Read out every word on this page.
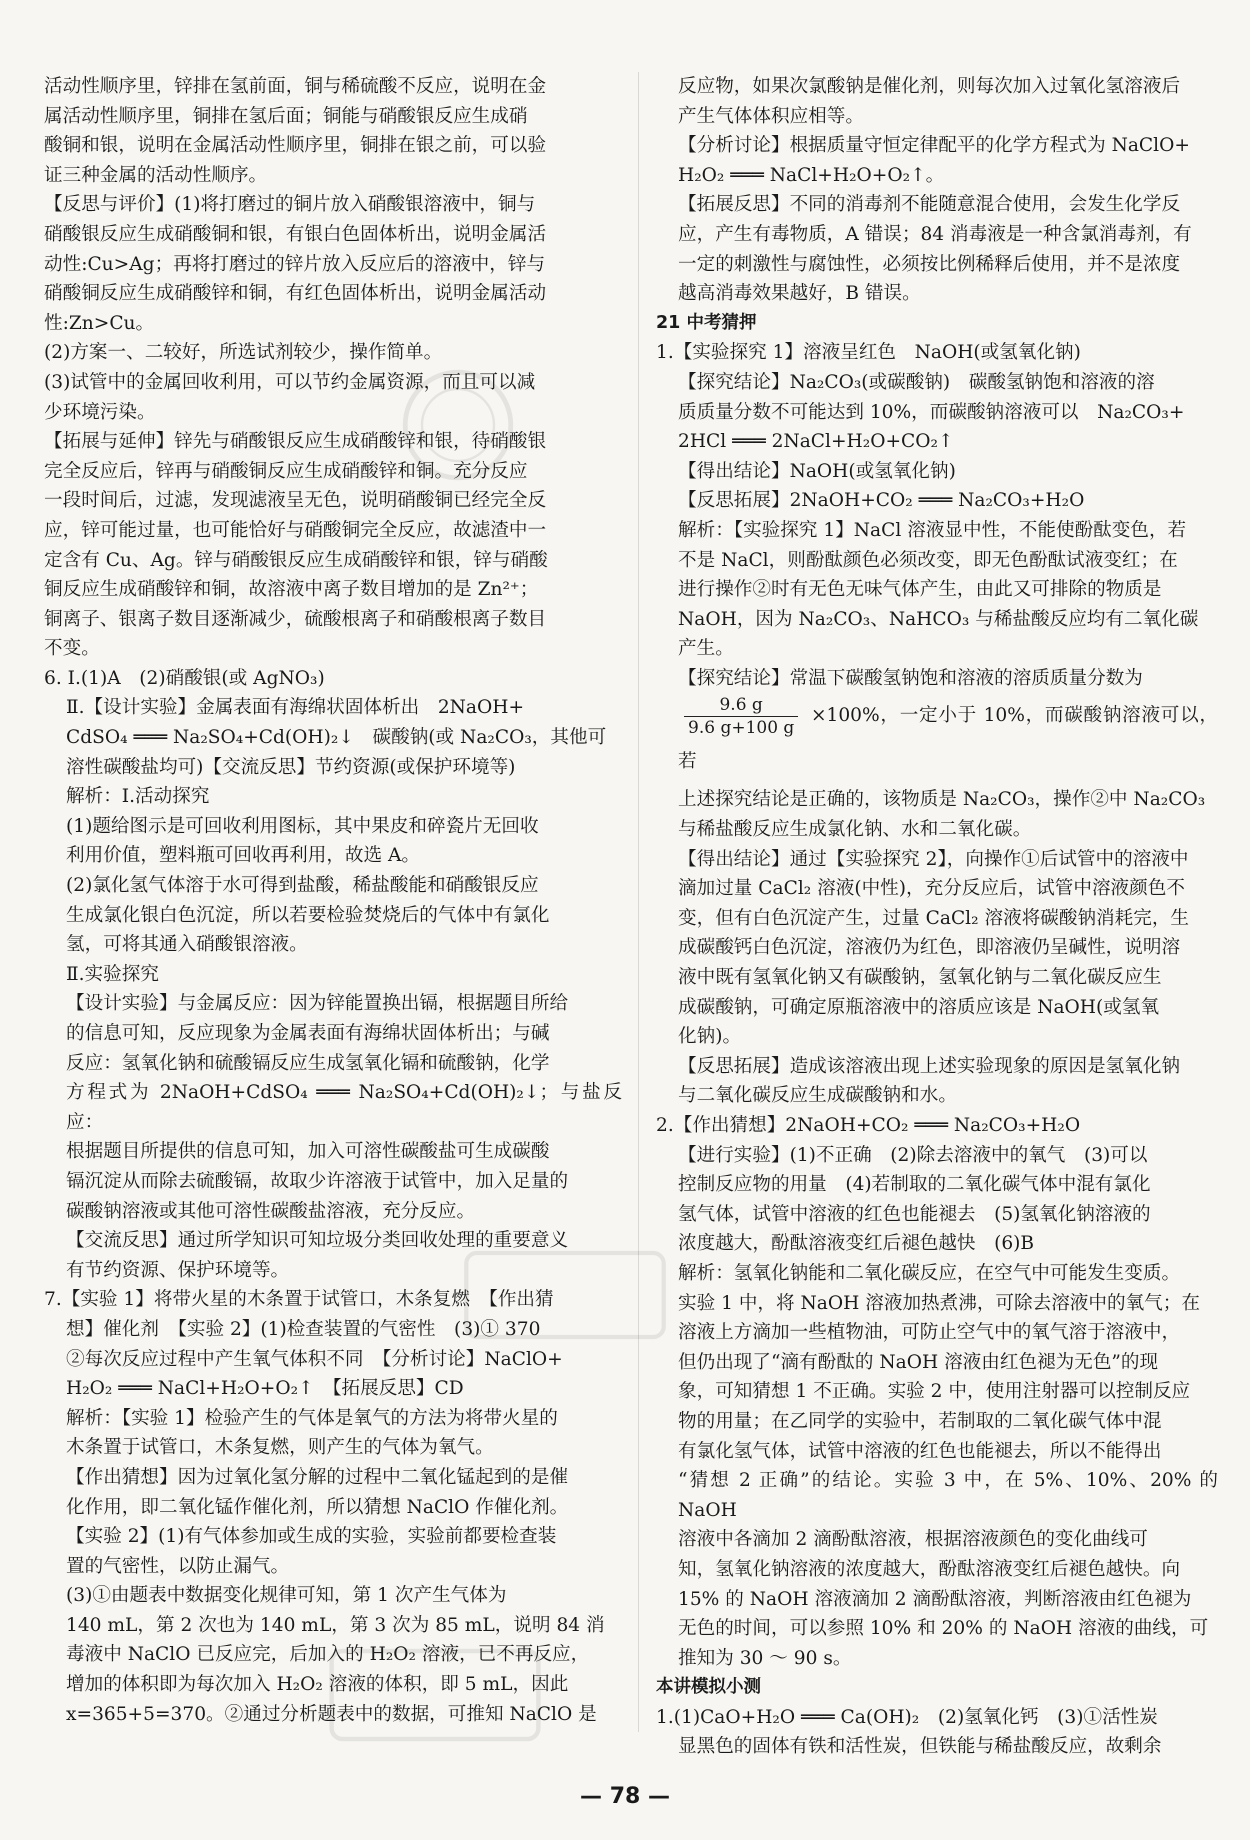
活动性顺序里，锌排在氢前面，铜与稀硫酸不反应，说明在金
属活动性顺序里，铜排在氢后面；铜能与硝酸银反应生成硝
酸铜和银，说明在金属活动性顺序里，铜排在银之前，可以验
证三种金属的活动性顺序。
【反思与评价】(1)将打磨过的铜片放入硝酸银溶液中，铜与
硝酸银反应生成硝酸铜和银，有银白色固体析出，说明金属活
动性:Cu>Ag；再将打磨过的锌片放入反应后的溶液中，锌与
硝酸铜反应生成硝酸锌和铜，有红色固体析出，说明金属活动
性:Zn>Cu。
(2)方案一、二较好，所选试剂较少，操作简单。
(3)试管中的金属回收利用，可以节约金属资源，而且可以减
少环境污染。
【拓展与延伸】锌先与硝酸银反应生成硝酸锌和银，待硝酸银
完全反应后，锌再与硝酸铜反应生成硝酸锌和铜。充分反应
一段时间后，过滤，发现滤液呈无色，说明硝酸铜已经完全反
应，锌可能过量，也可能恰好与硝酸铜完全反应，故滤渣中一
定含有 Cu、Ag。锌与硝酸银反应生成硝酸锌和银，锌与硝酸
铜反应生成硝酸锌和铜，故溶液中离子数目增加的是 Zn²⁺；
铜离子、银离子数目逐渐减少，硫酸根离子和硝酸根离子数目
不变。
6. Ⅰ.(1)A　(2)硝酸银(或 AgNO₃)
Ⅱ.【设计实验】金属表面有海绵状固体析出　2NaOH+
CdSO₄ ═══ Na₂SO₄+Cd(OH)₂↓　碳酸钠(或 Na₂CO₃，其他可
溶性碳酸盐均可)【交流反思】节约资源(或保护环境等)
解析：Ⅰ.活动探究
(1)题给图示是可回收利用图标，其中果皮和碎瓷片无回收
利用价值，塑料瓶可回收再利用，故选 A。
(2)氯化氢气体溶于水可得到盐酸，稀盐酸能和硝酸银反应
生成氯化银白色沉淀，所以若要检验焚烧后的气体中有氯化
氢，可将其通入硝酸银溶液。
Ⅱ.实验探究
【设计实验】与金属反应：因为锌能置换出镉，根据题目所给
的信息可知，反应现象为金属表面有海绵状固体析出；与碱
反应：氢氧化钠和硫酸镉反应生成氢氧化镉和硫酸钠，化学
方程式为 2NaOH+CdSO₄ ═══ Na₂SO₄+Cd(OH)₂↓；与盐反应：
根据题目所提供的信息可知，加入可溶性碳酸盐可生成碳酸
镉沉淀从而除去硫酸镉，故取少许溶液于试管中，加入足量的
碳酸钠溶液或其他可溶性碳酸盐溶液，充分反应。
【交流反思】通过所学知识可知垃圾分类回收处理的重要意义
有节约资源、保护环境等。
7.【实验 1】将带火星的木条置于试管口，木条复燃　【作出猜
想】催化剂　【实验 2】(1)检查装置的气密性　(3)① 370
②每次反应过程中产生氧气体积不同　【分析讨论】NaClO+
H₂O₂ ═══ NaCl+H₂O+O₂↑　【拓展反思】CD
解析：【实验 1】检验产生的气体是氧气的方法为将带火星的
木条置于试管口，木条复燃，则产生的气体为氧气。
【作出猜想】因为过氧化氢分解的过程中二氧化锰起到的是催
化作用，即二氧化锰作催化剂，所以猜想 NaClO 作催化剂。
【实验 2】(1)有气体参加或生成的实验，实验前都要检查装
置的气密性，以防止漏气。
(3)①由题表中数据变化规律可知，第 1 次产生气体为
140 mL，第 2 次也为 140 mL，第 3 次为 85 mL，说明 84 消
毒液中 NaClO 已反应完，后加入的 H₂O₂ 溶液，已不再反应，
增加的体积即为每次加入 H₂O₂ 溶液的体积，即 5 mL，因此
x=365+5=370。②通过分析题表中的数据，可推知 NaClO 是
反应物，如果次氯酸钠是催化剂，则每次加入过氧化氢溶液后
产生气体体积应相等。
【分析讨论】根据质量守恒定律配平的化学方程式为 NaClO+
H₂O₂ ═══ NaCl+H₂O+O₂↑。
【拓展反思】不同的消毒剂不能随意混合使用，会发生化学反
应，产生有毒物质，A 错误；84 消毒液是一种含氯消毒剂，有
一定的刺激性与腐蚀性，必须按比例稀释后使用，并不是浓度
越高消毒效果越好，B 错误。
21 中考猜押
1.【实验探究 1】溶液呈红色　NaOH(或氢氧化钠)
【探究结论】Na₂CO₃(或碳酸钠)　碳酸氢钠饱和溶液的溶
质质量分数不可能达到 10%，而碳酸钠溶液可以　Na₂CO₃+
2HCl ═══ 2NaCl+H₂O+CO₂↑
【得出结论】NaOH(或氢氧化钠)
【反思拓展】2NaOH+CO₂ ═══ Na₂CO₃+H₂O
解析：【实验探究 1】NaCl 溶液显中性，不能使酚酞变色，若
不是 NaCl，则酚酞颜色必须改变，即无色酚酞试液变红；在
进行操作②时有无色无味气体产生，由此又可排除的物质是
NaOH，因为 Na₂CO₃、NaHCO₃ 与稀盐酸反应均有二氧化碳
产生。
【探究结论】常温下碳酸氢钠饱和溶液的溶质质量分数为
$\frac{9.6 g}{9.6 g+100 g} \times 100\%$，一定小于 10%，而碳酸钠溶液可以，若
上述探究结论是正确的，该物质是 Na₂CO₃，操作②中 Na₂CO₃
与稀盐酸反应生成氯化钠、水和二氧化碳。
【得出结论】通过【实验探究 2】，向操作①后试管中的溶液中
滴加过量 CaCl₂ 溶液(中性)，充分反应后，试管中溶液颜色不
变，但有白色沉淀产生，过量 CaCl₂ 溶液将碳酸钠消耗完，生
成碳酸钙白色沉淀，溶液仍为红色，即溶液仍呈碱性，说明溶
液中既有氢氧化钠又有碳酸钠，氢氧化钠与二氧化碳反应生
成碳酸钠，可确定原瓶溶液中的溶质应该是 NaOH(或氢氧
化钠)。
【反思拓展】造成该溶液出现上述实验现象的原因是氢氧化钠
与二氧化碳反应生成碳酸钠和水。
2.【作出猜想】2NaOH+CO₂ ═══ Na₂CO₃+H₂O
【进行实验】(1)不正确　(2)除去溶液中的氧气　(3)可以
控制反应物的用量　(4)若制取的二氧化碳气体中混有氯化
氢气体，试管中溶液的红色也能褪去　(5)氢氧化钠溶液的
浓度越大，酚酞溶液变红后褪色越快　(6)B
解析：氢氧化钠能和二氧化碳反应，在空气中可能发生变质。
实验 1 中，将 NaOH 溶液加热煮沸，可除去溶液中的氧气；在
溶液上方滴加一些植物油，可防止空气中的氧气溶于溶液中，
但仍出现了“滴有酚酞的 NaOH 溶液由红色褪为无色”的现
象，可知猜想 1 不正确。实验 2 中，使用注射器可以控制反应
物的用量；在乙同学的实验中，若制取的二氧化碳气体中混
有氯化氢气体，试管中溶液的红色也能褪去，所以不能得出
“猜想 2 正确”的结论。实验 3 中，在 5%、10%、20% 的 NaOH
溶液中各滴加 2 滴酚酞溶液，根据溶液颜色的变化曲线可
知，氢氧化钠溶液的浓度越大，酚酞溶液变红后褪色越快。向
15% 的 NaOH 溶液滴加 2 滴酚酞溶液，判断溶液由红色褪为
无色的时间，可以参照 10% 和 20% 的 NaOH 溶液的曲线，可
推知为 30 ～ 90 s。
本讲模拟小测
1.(1)CaO+H₂O ═══ Ca(OH)₂　(2)氢氧化钙　(3)①活性炭
显黑色的固体有铁和活性炭，但铁能与稀盐酸反应，故剩余
— 78 —
